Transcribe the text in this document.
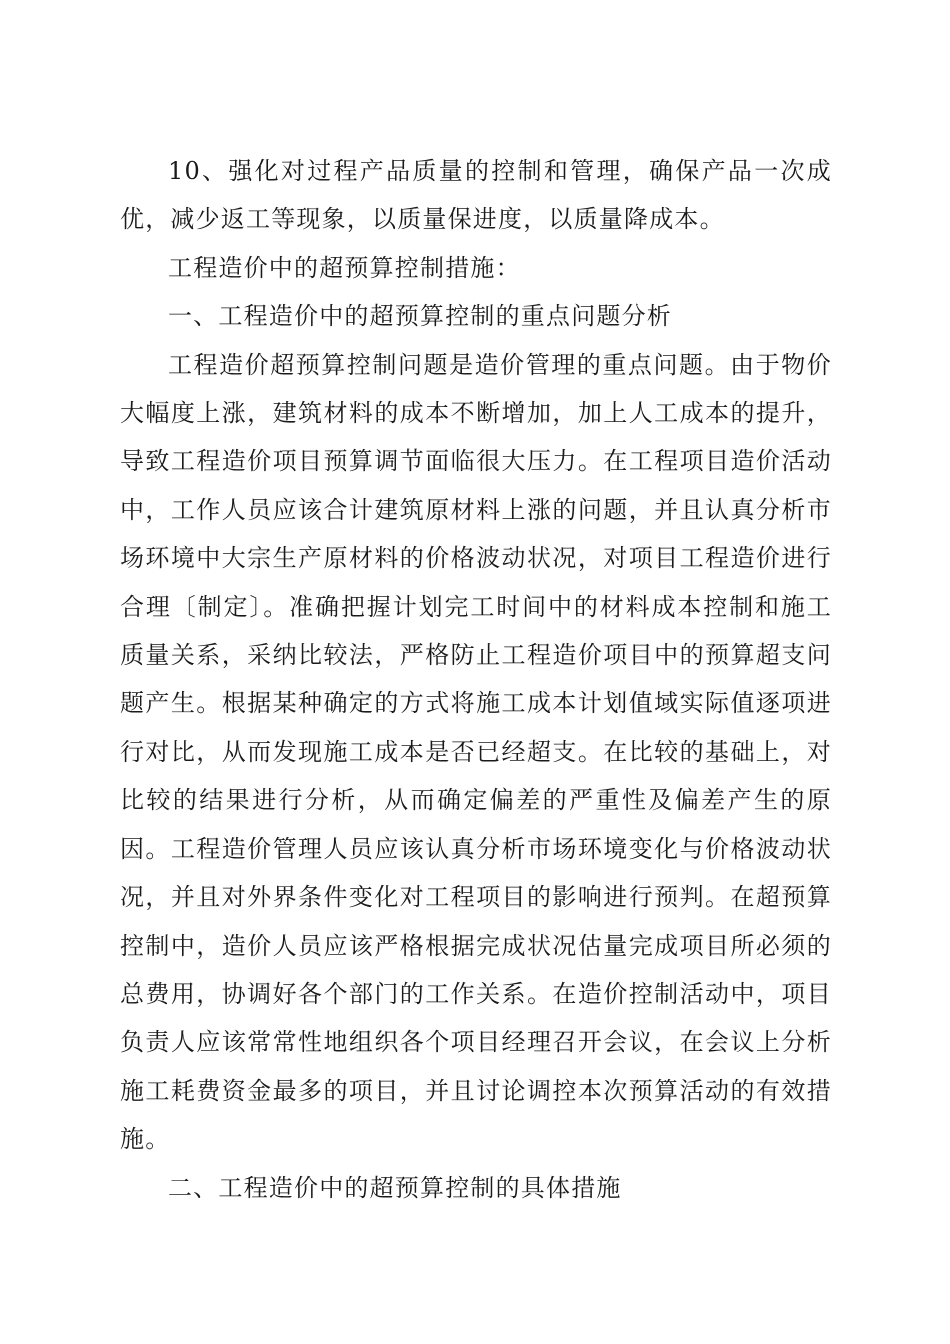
10、强化对过程产品质量的控制和管理，确保产品一次成优，减少返工等现象，以质量保进度，以质量降成本。

工程造价中的超预算控制措施：

一、工程造价中的超预算控制的重点问题分析

工程造价超预算控制问题是造价管理的重点问题。由于物价大幅度上涨，建筑材料的成本不断增加，加上人工成本的提升，导致工程造价项目预算调节面临很大压力。在工程项目造价活动中，工作人员应该合计建筑原材料上涨的问题，并且认真分析市场环境中大宗生产原材料的价格波动状况，对项目工程造价进行合理〔制定〕。准确把握计划完工时间中的材料成本控制和施工质量关系，采纳比较法，严格防止工程造价项目中的预算超支问题产生。根据某种确定的方式将施工成本计划值域实际值逐项进行对比，从而发现施工成本是否已经超支。在比较的基础上，对比较的结果进行分析，从而确定偏差的严重性及偏差产生的原因。工程造价管理人员应该认真分析市场环境变化与价格波动状况，并且对外界条件变化对工程项目的影响进行预判。在超预算控制中，造价人员应该严格根据完成状况估量完成项目所必须的总费用，协调好各个部门的工作关系。在造价控制活动中，项目负责人应该常常性地组织各个项目经理召开会议，在会议上分析施工耗费资金最多的项目，并且讨论调控本次预算活动的有效措施。

二、工程造价中的超预算控制的具体措施
